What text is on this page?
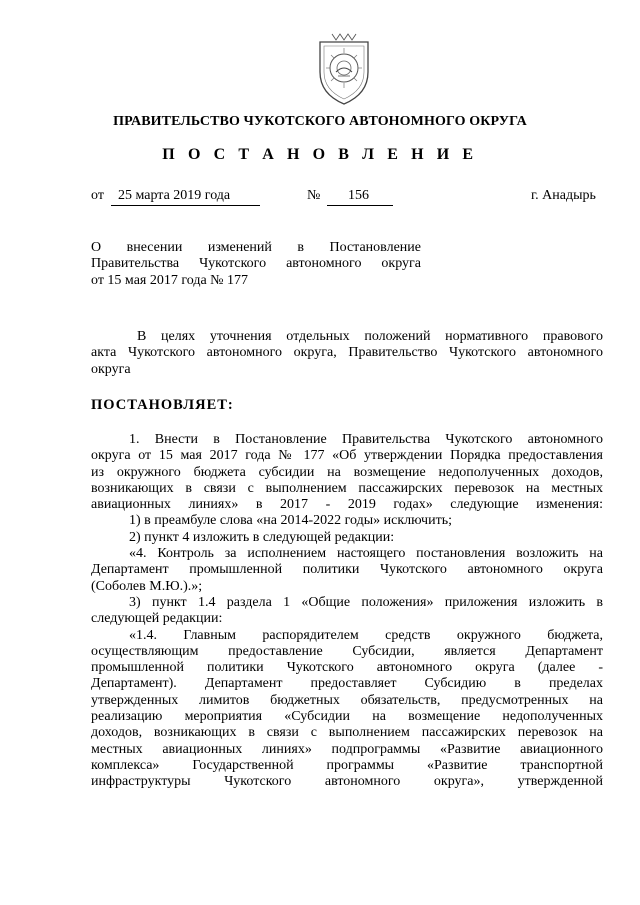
ПРАВИТЕЛЬСТВО ЧУКОТСКОГО АВТОНОМНОГО ОКРУГА
П О С Т А Н О В Л Е Н И Е
от	25 марта 2019 года	№	156	г. Анадырь
О внесении изменений в Постановление
Правительства Чукотского автономного округа
от 15 мая 2017 года № 177
В целях уточнения отдельных положений нормативного правового
акта Чукотского автономного округа, Правительство Чукотского автономного
округа
ПОСТАНОВЛЯЕТ:
1. Внести в Постановление Правительства Чукотского автономного
округа от 15 мая 2017 года № 177 «Об утверждении Порядка предоставления
из окружного бюджета субсидии на возмещение недополученных доходов,
возникающих в связи с выполнением пассажирских перевозок на местных
авиационных линиях» в 2017 - 2019 годах» следующие изменения:
1) в преамбуле слова «на 2014-2022 годы» исключить;
2) пункт 4 изложить в следующей редакции:
«4. Контроль за исполнением настоящего постановления возложить на
Департамент промышленной политики Чукотского автономного округа
(Соболев М.Ю.).»;
3) пункт 1.4 раздела 1 «Общие положения» приложения изложить в
следующей редакции:
«1.4. Главным распорядителем средств окружного бюджета,
осуществляющим предоставление Субсидии, является Департамент
промышленной политики Чукотского автономного округа (далее -
Департамент). Департамент предоставляет Субсидию в пределах
утвержденных лимитов бюджетных обязательств, предусмотренных на
реализацию мероприятия «Субсидии на возмещение недополученных
доходов, возникающих в связи с выполнением пассажирских перевозок на
местных авиационных линиях» подпрограммы «Развитие авиационного
комплекса» Государственной программы «Развитие транспортной
инфраструктуры Чукотского автономного округа», утвержденной
